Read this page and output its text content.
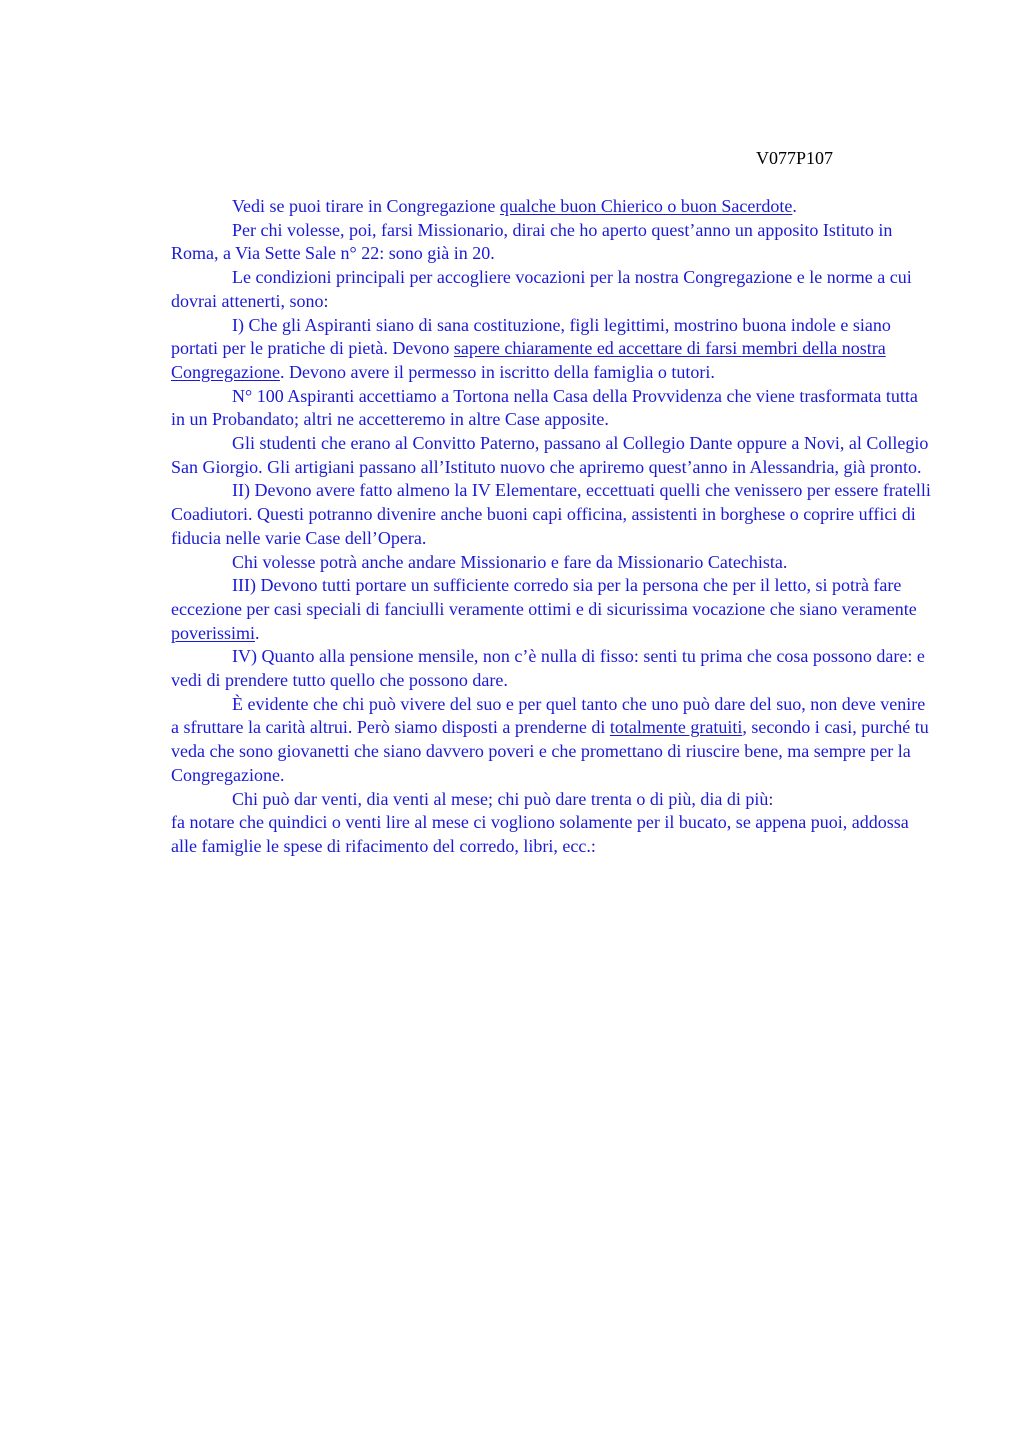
V077P107

Vedi se puoi tirare in Congregazione qualche buon Chierico o buon Sacerdote.

Per chi volesse, poi, farsi Missionario, dirai che ho aperto quest’anno un apposito Istituto in Roma, a Via Sette Sale n° 22: sono già in 20.

Le condizioni principali per accogliere vocazioni per la nostra Congregazione e le norme a cui dovrai attenerti, sono:

I) Che gli Aspiranti siano di sana costituzione, figli legittimi, mostrino buona indole e siano portati per le pratiche di pietà. Devono sapere chiaramente ed accettare di farsi membri della nostra Congregazione. Devono avere il permesso in iscritto della famiglia o tutori.

N° 100 Aspiranti accettiamo a Tortona nella Casa della Provvidenza che viene trasformata tutta in un Probandato; altri ne accetteremo in altre Case apposite.

Gli studenti che erano al Convitto Paterno, passano al Collegio Dante oppure a Novi, al Collegio San Giorgio. Gli artigiani passano all’Istituto nuovo che apriremo quest’anno in Alessandria, già pronto.

II) Devono avere fatto almeno la IV Elementare, eccettuati quelli che venissero per essere fratelli Coadiutori. Questi potranno divenire anche buoni capi officina, assistenti in borghese o coprire uffici di fiducia nelle varie Case dell’Opera.

Chi volesse potrà anche andare Missionario e fare da Missionario Catechista.

III) Devono tutti portare un sufficiente corredo sia per la persona che per il letto, si potrà fare eccezione per casi speciali di fanciulli veramente ottimi e di sicurissima vocazione che siano veramente poverissimi.

IV) Quanto alla pensione mensile, non c’è nulla di fisso: senti tu prima che cosa possono dare: e vedi di prendere tutto quello che possono dare.

È evidente che chi può vivere del suo e per quel tanto che uno può dare del suo, non deve venire a sfruttare la carità altrui. Però siamo disposti a prenderne di totalmente gratuiti, secondo i casi, purché tu veda che sono giovanetti che siano davvero poveri e che promettano di riuscire bene, ma sempre per la Congregazione.

Chi può dar venti, dia venti al mese; chi può dare trenta o di più, dia di più:

fa notare che quindici o venti lire al mese ci vogliono solamente per il bucato, se appena puoi, addossa alle famiglie le spese di rifacimento del corredo, libri, ecc.:
